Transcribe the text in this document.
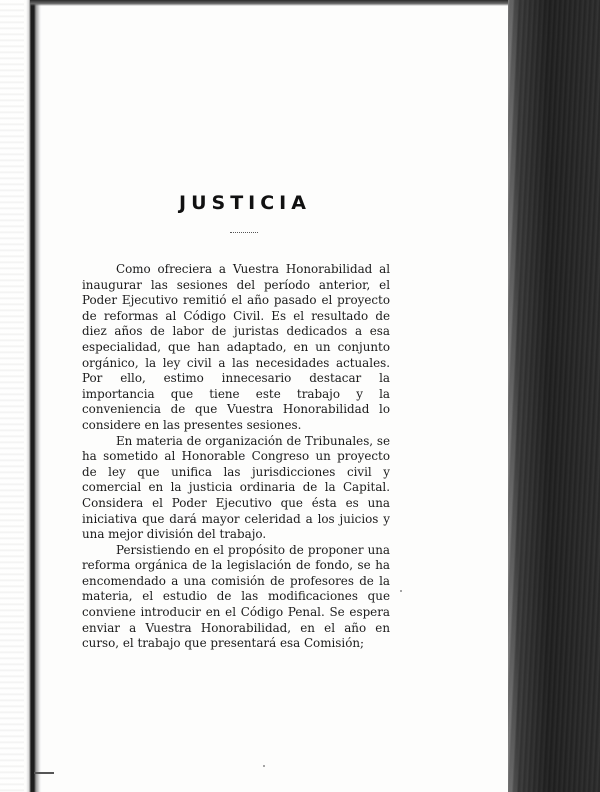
JUSTICIA

Como ofreciera a Vuestra Honorabilidad al inaugurar las sesiones del período anterior, el Poder Ejecutivo remitió el año pasado el proyecto de reformas al Código Civil. Es el resultado de diez años de labor de juristas dedicados a esa especialidad, que han adaptado, en un conjunto orgánico, la ley civil a las necesidades actuales. Por ello, estimo innecesario destacar la importancia que tiene este trabajo y la conveniencia de que Vuestra Honorabilidad lo considere en las presentes sesiones.

En materia de organización de Tribunales, se ha sometido al Honorable Congreso un proyecto de ley que unifica las jurisdicciones civil y comercial en la justicia ordinaria de la Capital. Considera el Poder Ejecutivo que ésta es una iniciativa que dará mayor celeridad a los juicios y una mejor división del trabajo.

Persistiendo en el propósito de proponer una reforma orgánica de la legislación de fondo, se ha encomendado a una comisión de profesores de la materia, el estudio de las modificaciones que conviene introducir en el Código Penal. Se espera enviar a Vuestra Honorabilidad, en el año en curso, el trabajo que presentará esa Comisión;
